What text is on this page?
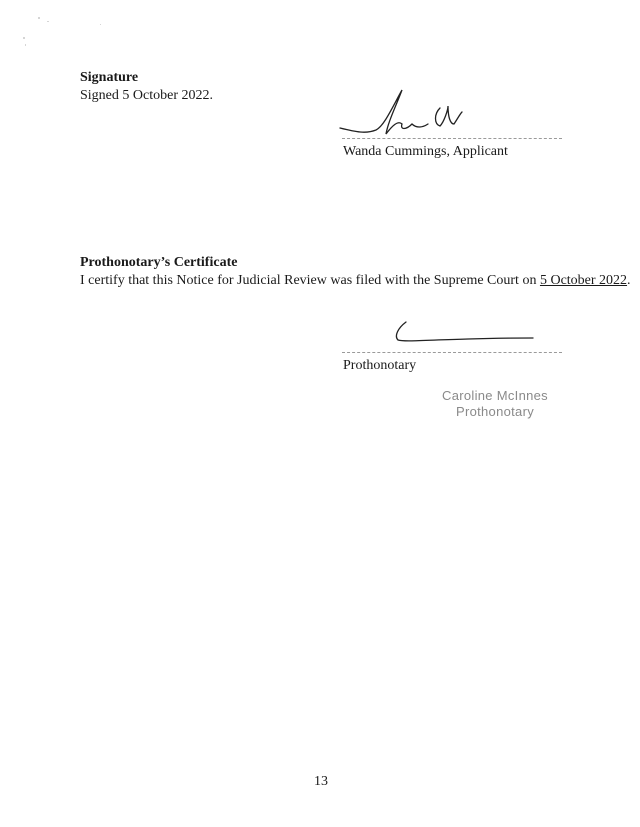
Signature
Signed 5 October 2022.
Wanda Cummings, Applicant
Prothonotary’s Certificate
I certify that this Notice for Judicial Review was filed with the Supreme Court on 5 October 2022.
Prothonotary
Caroline McInnes
Prothonotary
13
